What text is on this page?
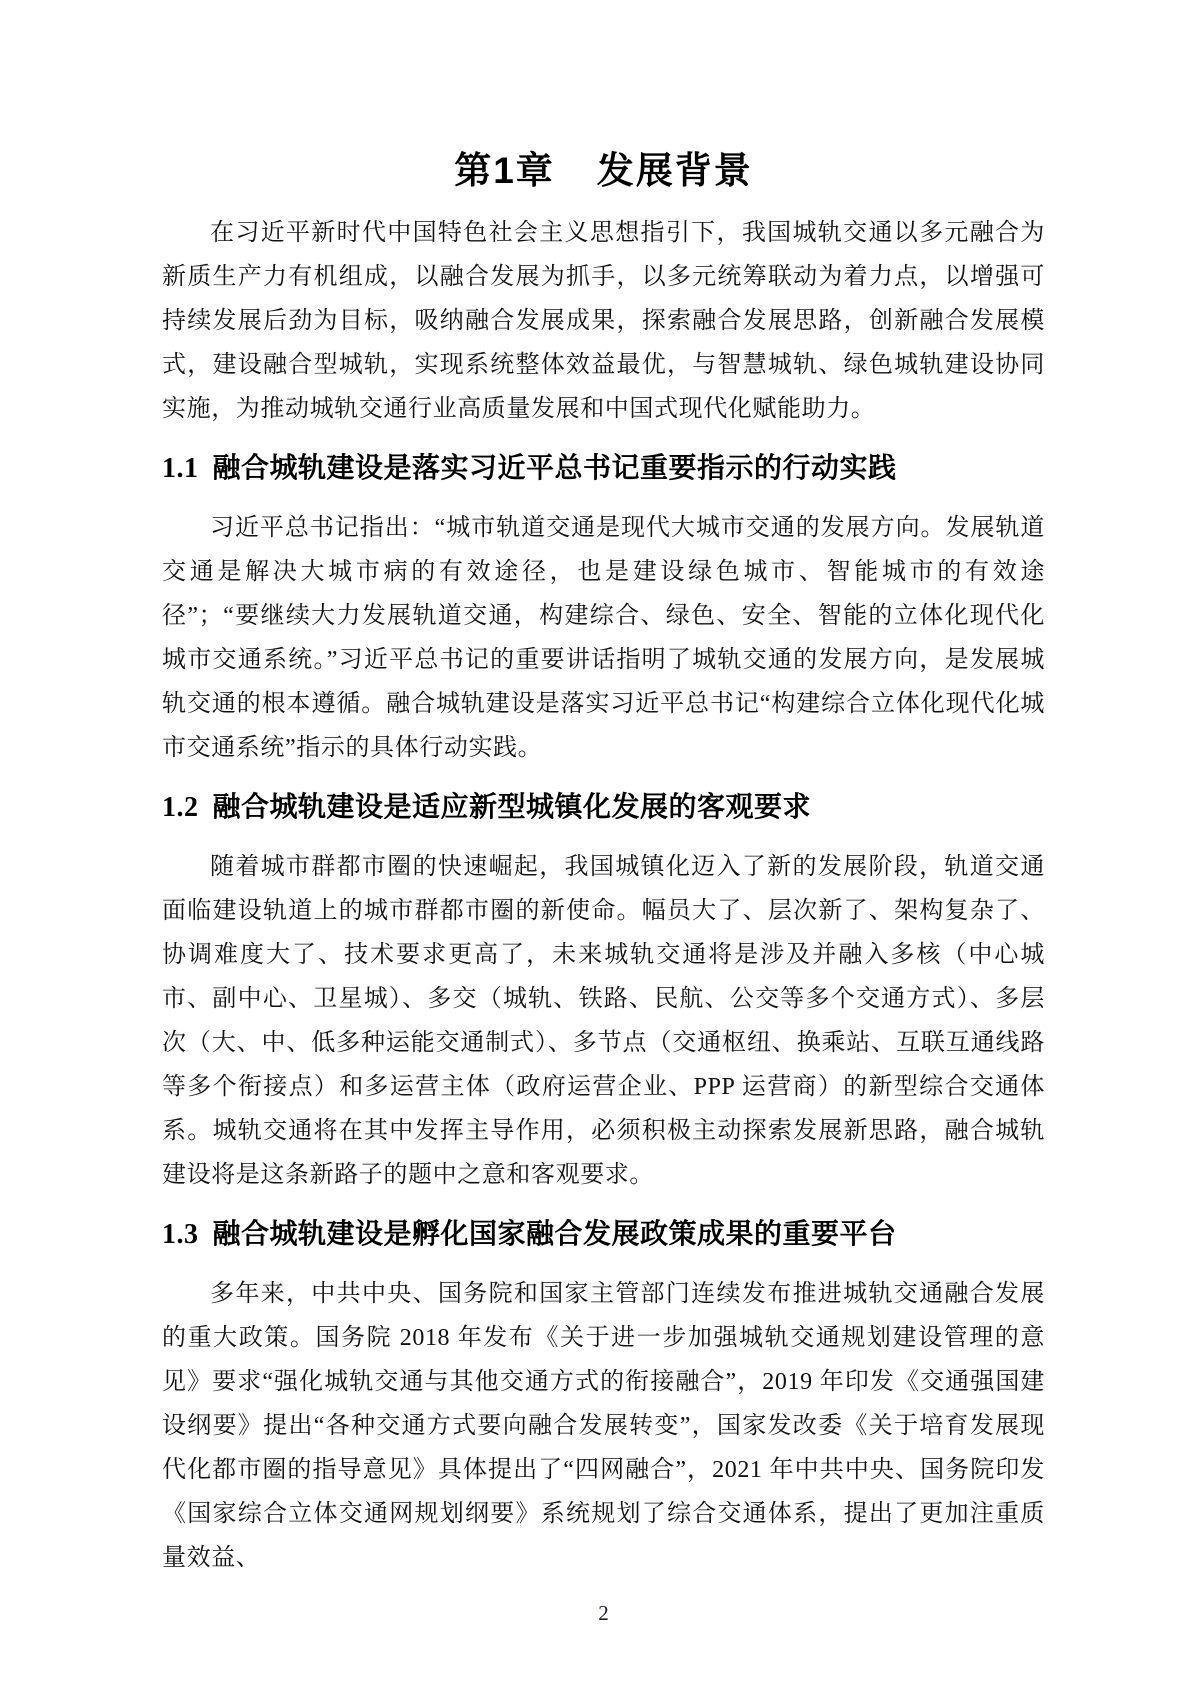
第1章 发展背景

在习近平新时代中国特色社会主义思想指引下，我国城轨交通以多元融合为新质生产力有机组成，以融合发展为抓手，以多元统筹联动为着力点，以增强可持续发展后劲为目标，吸纳融合发展成果，探索融合发展思路，创新融合发展模式，建设融合型城轨，实现系统整体效益最优，与智慧城轨、绿色城轨建设协同实施，为推动城轨交通行业高质量发展和中国式现代化赋能助力。

1.1 融合城轨建设是落实习近平总书记重要指示的行动实践

习近平总书记指出：“城市轨道交通是现代大城市交通的发展方向。发展轨道交通是解决大城市病的有效途径，也是建设绿色城市、智能城市的有效途径”；“要继续大力发展轨道交通，构建综合、绿色、安全、智能的立体化现代化城市交通系统。”习近平总书记的重要讲话指明了城轨交通的发展方向，是发展城轨交通的根本遵循。融合城轨建设是落实习近平总书记“构建综合立体化现代化城市交通系统”指示的具体行动实践。

1.2 融合城轨建设是适应新型城镇化发展的客观要求

随着城市群都市圈的快速崛起，我国城镇化迈入了新的发展阶段，轨道交通面临建设轨道上的城市群都市圈的新使命。幅员大了、层次新了、架构复杂了、协调难度大了、技术要求更高了，未来城轨交通将是涉及并融入多核（中心城市、副中心、卫星城）、多交（城轨、铁路、民航、公交等多个交通方式）、多层次（大、中、低多种运能交通制式）、多节点（交通枢纽、换乘站、互联互通线路等多个衔接点）和多运营主体（政府运营企业、PPP 运营商）的新型综合交通体系。城轨交通将在其中发挥主导作用，必须积极主动探索发展新思路，融合城轨建设将是这条新路子的题中之意和客观要求。

1.3 融合城轨建设是孵化国家融合发展政策成果的重要平台

多年来，中共中央、国务院和国家主管部门连续发布推进城轨交通融合发展的重大政策。国务院 2018 年发布《关于进一步加强城轨交通规划建设管理的意见》要求“强化城轨交通与其他交通方式的衔接融合”，2019 年印发《交通强国建设纲要》提出“各种交通方式要向融合发展转变”，国家发改委《关于培育发展现代化都市圈的指导意见》具体提出了“四网融合”，2021 年中共中央、国务院印发《国家综合立体交通网规划纲要》系统规划了综合交通体系，提出了更加注重质量效益、

2
